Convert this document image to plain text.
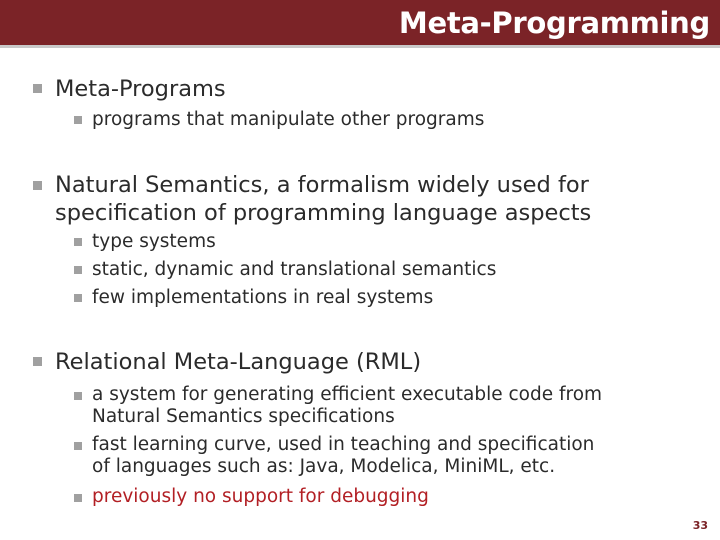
Meta-Programming
Meta-Programs
programs that manipulate other programs
Natural Semantics, a formalism widely used for
specification of programming language aspects
type systems
static, dynamic and translational semantics
few implementations in real systems
Relational Meta-Language (RML)
a system for generating efficient executable code from
Natural Semantics specifications
fast learning curve, used in teaching and specification
of languages such as: Java, Modelica, MiniML, etc.
previously no support for debugging
33
